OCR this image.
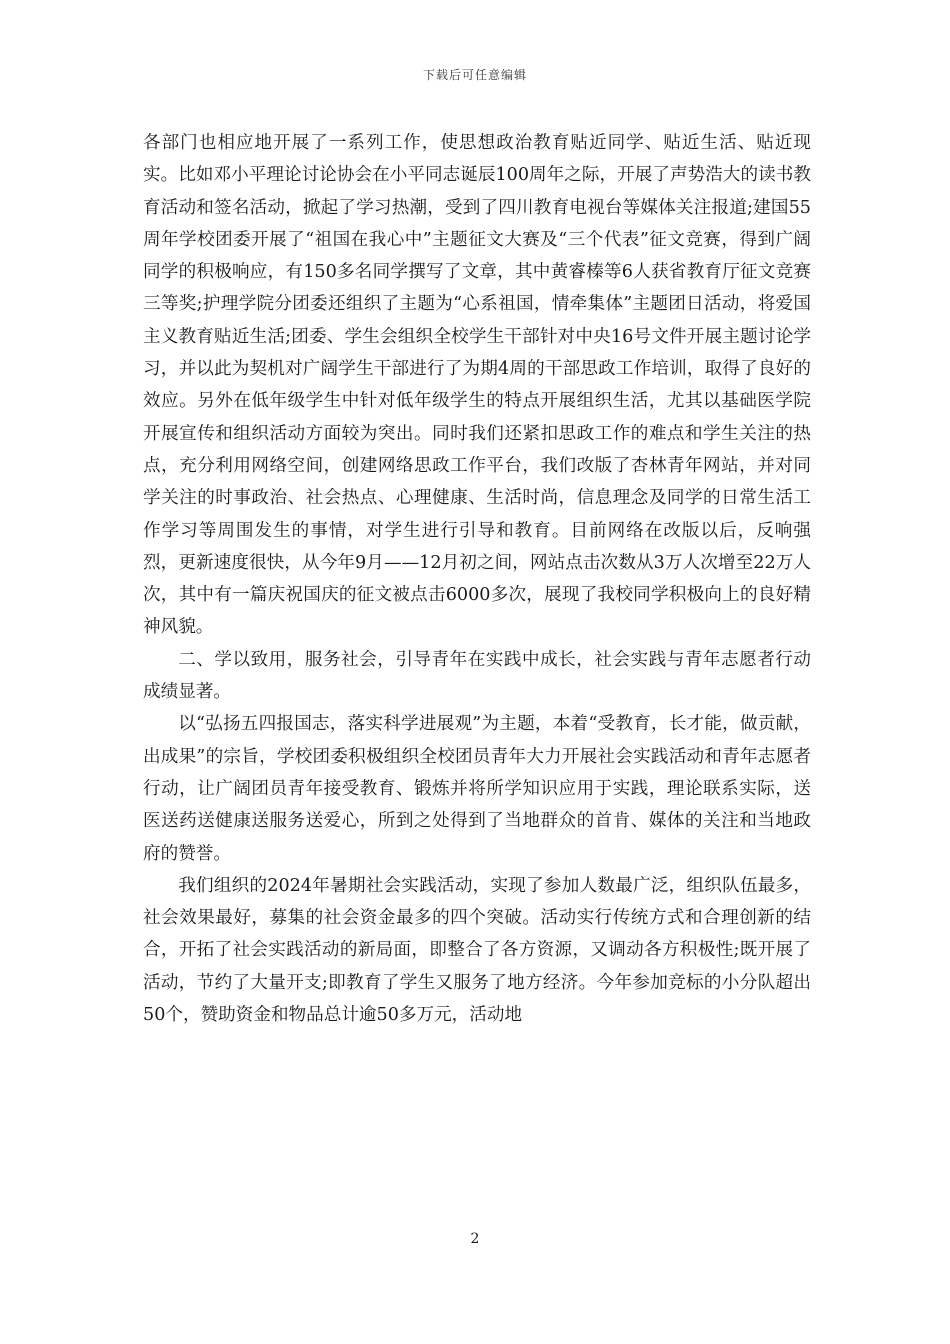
下载后可任意编辑

各部门也相应地开展了一系列工作，使思想政治教育贴近同学、贴近生活、贴近现实。比如邓小平理论讨论协会在小平同志诞辰100周年之际，开展了声势浩大的读书教育活动和签名活动，掀起了学习热潮，受到了四川教育电视台等媒体关注报道;建国55周年学校团委开展了“祖国在我心中”主题征文大赛及“三个代表”征文竞赛，得到广阔同学的积极响应，有150多名同学撰写了文章，其中黄睿榛等6人获省教育厅征文竞赛三等奖;护理学院分团委还组织了主题为“心系祖国，情牵集体”主题团日活动，将爱国主义教育贴近生活;团委、学生会组织全校学生干部针对中央16号文件开展主题讨论学习，并以此为契机对广阔学生干部进行了为期4周的干部思政工作培训，取得了良好的效应。另外在低年级学生中针对低年级学生的特点开展组织生活，尤其以基础医学院开展宣传和组织活动方面较为突出。同时我们还紧扣思政工作的难点和学生关注的热点，充分利用网络空间，创建网络思政工作平台，我们改版了杏林青年网站，并对同学关注的时事政治、社会热点、心理健康、生活时尚，信息理念及同学的日常生活工作学习等周围发生的事情，对学生进行引导和教育。目前网络在改版以后，反响强烈，更新速度很快，从今年9月——12月初之间，网站点击次数从3万人次增至22万人次，其中有一篇庆祝国庆的征文被点击6000多次，展现了我校同学积极向上的良好精神风貌。

二、学以致用，服务社会，引导青年在实践中成长，社会实践与青年志愿者行动成绩显著。

以“弘扬五四报国志，落实科学进展观”为主题，本着“受教育，长才能，做贡献，出成果”的宗旨，学校团委积极组织全校团员青年大力开展社会实践活动和青年志愿者行动，让广阔团员青年接受教育、锻炼并将所学知识应用于实践，理论联系实际，送医送药送健康送服务送爱心，所到之处得到了当地群众的首肯、媒体的关注和当地政府的赞誉。

我们组织的2024年暑期社会实践活动，实现了参加人数最广泛，组织队伍最多，社会效果最好，募集的社会资金最多的四个突破。活动实行传统方式和合理创新的结合，开拓了社会实践活动的新局面，即整合了各方资源，又调动各方积极性;既开展了活动，节约了大量开支;即教育了学生又服务了地方经济。今年参加竞标的小分队超出50个，赞助资金和物品总计逾50多万元，活动地

2
